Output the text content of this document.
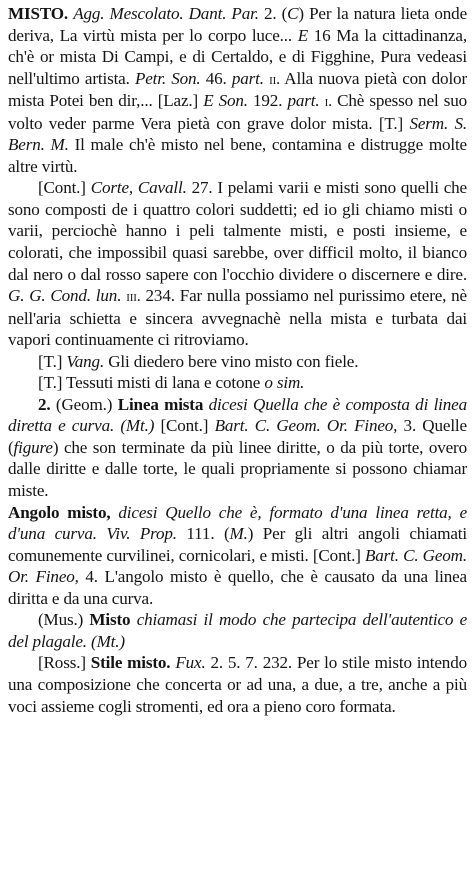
MISTO. Agg. Mescolato. Dant. Par. 2. (C) Per la natura lieta onde deriva, La virtù mista per lo corpo luce... E 16 Ma la cittadinanza, ch'è or mista Di Campi, e di Certaldo, e di Figghine, Pura vedeasi nell'ultimo artista. Petr. Son. 46. part. ii. Alla nuova pietà con dolor mista Potei ben dir,... [Laz.] E Son. 192. part. i. Chè spesso nel suo volto veder parme Vera pietà con grave dolor mista. [T.] Serm. S. Bern. M. Il male ch'è misto nel bene, contamina e distrugge molte altre virtù.

[Cont.] Corte, Cavall. 27. I pelami varii e misti sono quelli che sono composti de i quattro colori suddetti; ed io gli chiamo misti o varii, perciochè hanno i peli talmente misti, e posti insieme, e colorati, che impossibil quasi sarebbe, over difficil molto, il bianco dal nero o dal rosso sapere con l'occhio dividere o discernere e dire. G. G. Cond. lun. iii. 234. Far nulla possiamo nel purissimo etere, nè nell'aria schietta e sincera avvegnachè nella mista e turbata dai vapori continuamente ci ritroviamo.

[T.] Vang. Gli diedero bere vino misto con fiele.

[T.] Tessuti misti di lana e cotone o sim.

2. (Geom.) Linea mista dicesi Quella che è composta di linea diretta e curva. (Mt.) [Cont.] Bart. C. Geom. Or. Fineo, 3. Quelle (figure) che son terminate da più linee diritte, o da più torte, overo dalle diritte e dalle torte, le quali propriamente si possono chiamar miste.

Angolo misto, dicesi Quello che è, formato d'una linea retta, e d'una curva. Viv. Prop. 111. (M.) Per gli altri angoli chiamati comunemente curvilinei, cornicolari, e misti. [Cont.] Bart. C. Geom. Or. Fineo, 4. L'angolo misto è quello, che è causato da una linea diritta e da una curva.

(Mus.) Misto chiamasi il modo che partecipa dell'autentico e del plagale. (Mt.)

[Ross.] Stile misto. Fux. 2. 5. 7. 232. Per lo stile misto intendo una composizione che concerta or ad una, a due, a tre, anche a più voci assieme cogli stromenti, ed ora a pieno coro formata.
